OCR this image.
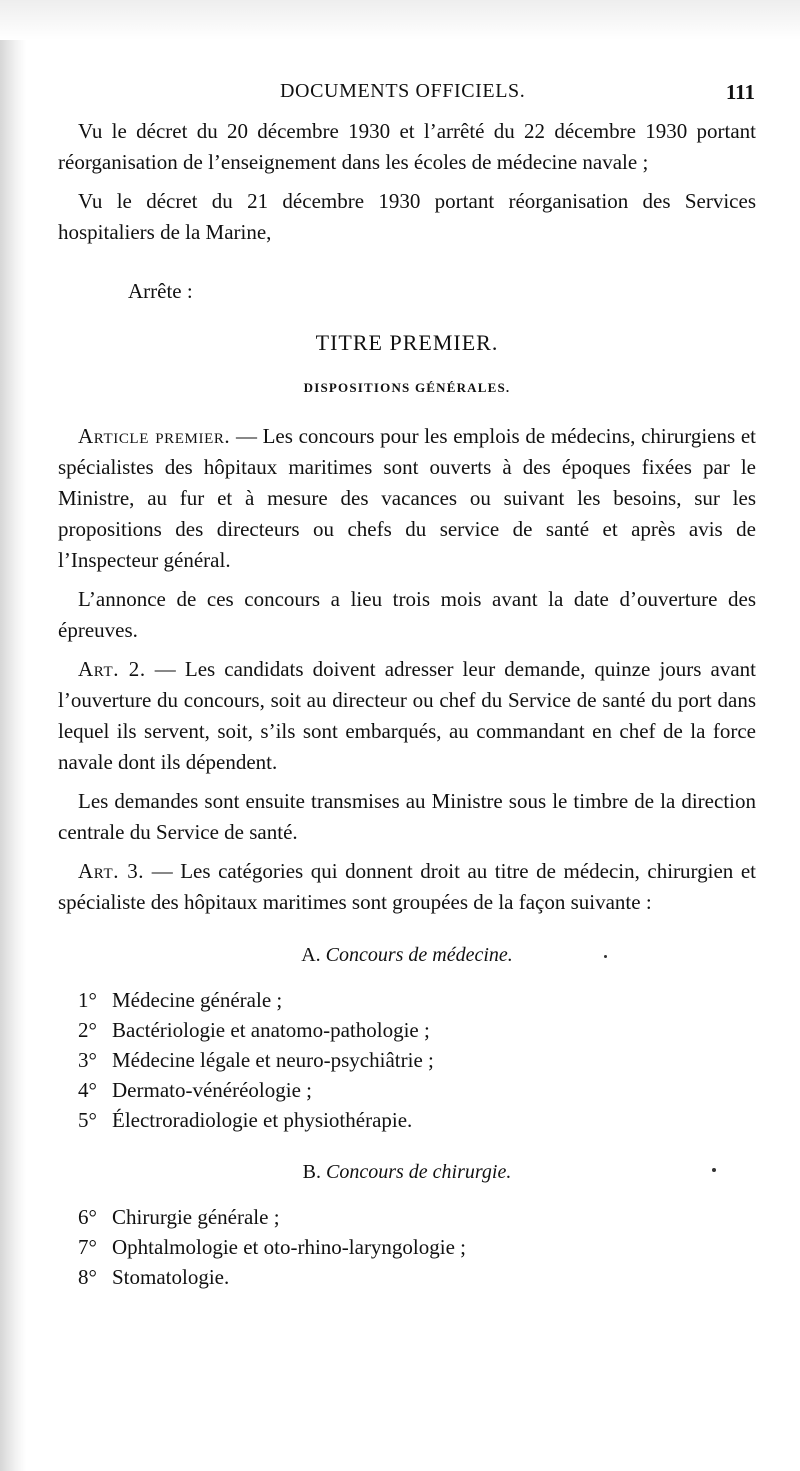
DOCUMENTS OFFICIELS.	111

Vu le décret du 20 décembre 1930 et l’arrêté du 22 décembre 1930 portant réorganisation de l’enseignement dans les écoles de médecine navale ;

Vu le décret du 21 décembre 1930 portant réorganisation des Services hospitaliers de la Marine,

Arrête :
TITRE PREMIER.
DISPOSITIONS GÉNÉRALES.

Article premier. — Les concours pour les emplois de médecins, chirurgiens et spécialistes des hôpitaux maritimes sont ouverts à des époques fixées par le Ministre, au fur et à mesure des vacances ou suivant les besoins, sur les propositions des directeurs ou chefs du service de santé et après avis de l’Inspecteur général.

L’annonce de ces concours a lieu trois mois avant la date d’ouverture des épreuves.

Art. 2. — Les candidats doivent adresser leur demande, quinze jours avant l’ouverture du concours, soit au directeur ou chef du Service de santé du port dans lequel ils servent, soit, s’ils sont embarqués, au commandant en chef de la force navale dont ils dépendent.

Les demandes sont ensuite transmises au Ministre sous le timbre de la direction centrale du Service de santé.

Art. 3. — Les catégories qui donnent droit au titre de médecin, chirurgien et spécialiste des hôpitaux maritimes sont groupées de la façon suivante :

A. Concours de médecine.
1° Médecine générale ;
2° Bactériologie et anatomo-pathologie ;
3° Médecine légale et neuro-psychiâtrie ;
4° Dermato-vénéréologie ;
5° Électroradiologie et physiothérapie.
B. Concours de chirurgie.
6° Chirurgie générale ;
7° Ophtalmologie et oto-rhino-laryngologie ;
8° Stomatologie.
